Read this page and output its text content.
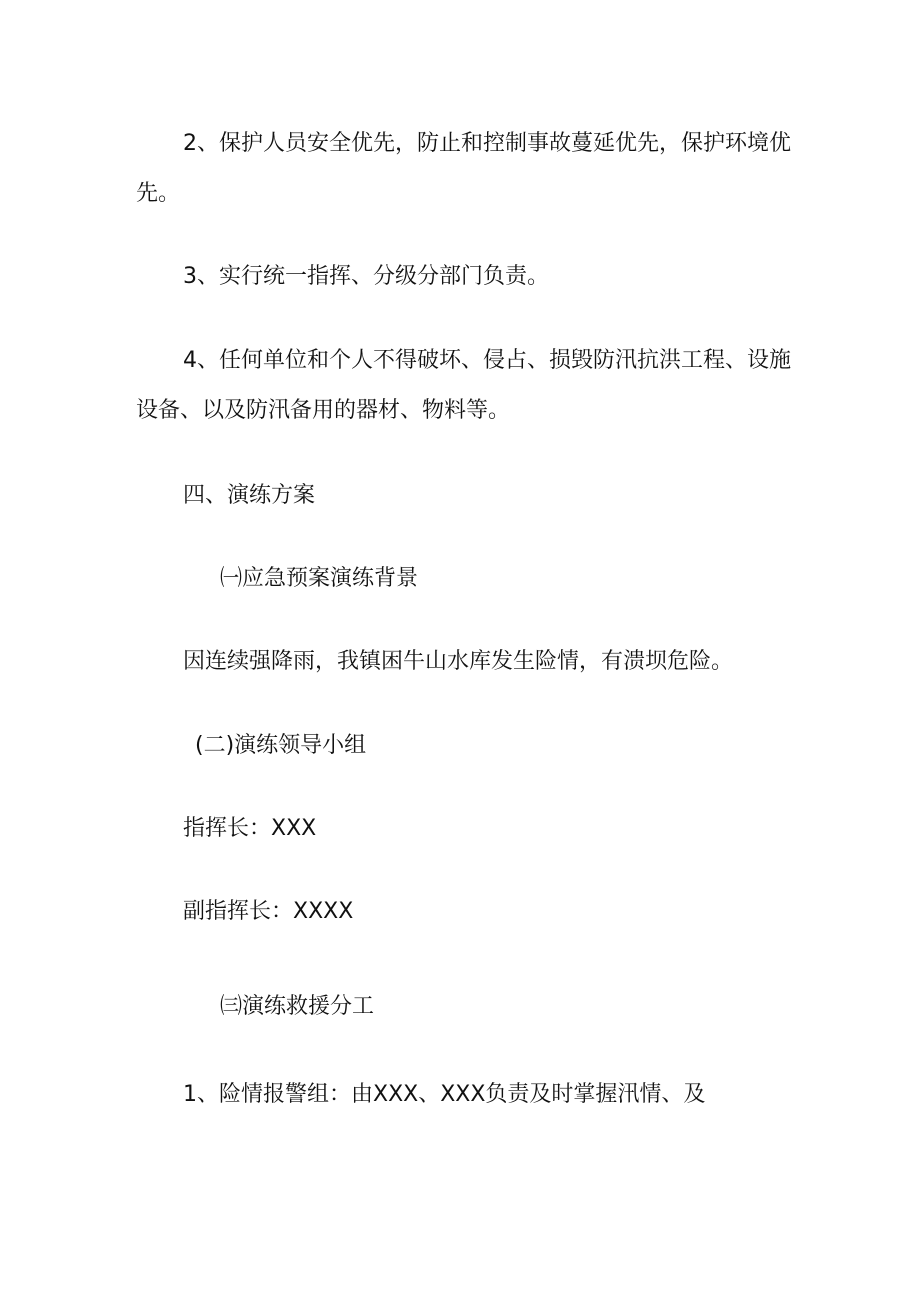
2、保护人员安全优先，防止和控制事故蔓延优先，保护环境优

先。

3、实行统一指挥、分级分部门负责。

4、任何单位和个人不得破坏、侵占、损毁防汛抗洪工程、设施

设备、以及防汛备用的器材、物料等。

四、演练方案

㈠应急预案演练背景

因连续强降雨，我镇困牛山水库发生险情，有溃坝危险。

(二)演练领导小组

指挥长：XXX

副指挥长：XXXX

㈢演练救援分工

1、险情报警组：由XXX、XXX负责及时掌握汛情、及
